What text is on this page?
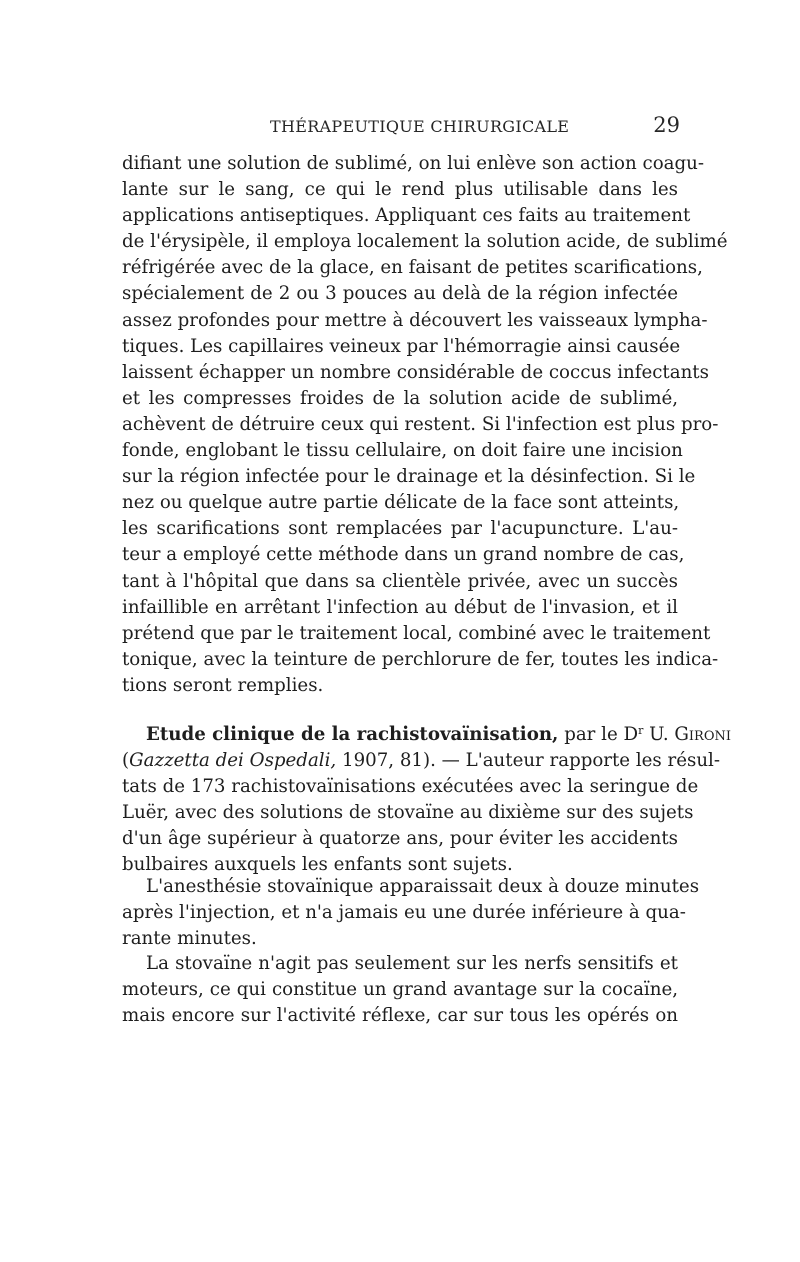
THÉRAPEUTIQUE CHIRURGICALE	29
difiant une solution de sublimé, on lui enlève son action coagu-
lante sur le sang, ce qui le rend plus utilisable dans les
applications antiseptiques. Appliquant ces faits au traitement
de l'érysipèle, il employa localement la solution acide, de sublimé
réfrigérée avec de la glace, en faisant de petites scarifications,
spécialement de 2 ou 3 pouces au delà de la région infectée
assez profondes pour mettre à découvert les vaisseaux lympha-
tiques. Les capillaires veineux par l'hémorragie ainsi causée
laissent échapper un nombre considérable de coccus infectants
et les compresses froides de la solution acide de sublimé,
achèvent de détruire ceux qui restent. Si l'infection est plus pro-
fonde, englobant le tissu cellulaire, on doit faire une incision
sur la région infectée pour le drainage et la désinfection. Si le
nez ou quelque autre partie délicate de la face sont atteints,
les scarifications sont remplacées par l'acupuncture. L'au-
teur a employé cette méthode dans un grand nombre de cas,
tant à l'hôpital que dans sa clientèle privée, avec un succès
infaillible en arrêtant l'infection au début de l'invasion, et il
prétend que par le traitement local, combiné avec le traitement
tonique, avec la teinture de perchlorure de fer, toutes les indica-
tions seront remplies.
Etude clinique de la rachistovaïnisation, par le $D^r$ U. Gironi
(Gazzetta dei Ospedali, 1907, 81). — L'auteur rapporte les résul-
tats de 173 rachistovaïnisations exécutées avec la seringue de
Luër, avec des solutions de stovaïne au dixième sur des sujets
d'un âge supérieur à quatorze ans, pour éviter les accidents
bulbaires auxquels les enfants sont sujets.
L'anesthésie stovaïnique apparaissait deux à douze minutes
après l'injection, et n'a jamais eu une durée inférieure à qua-
rante minutes.
La stovaïne n'agit pas seulement sur les nerfs sensitifs et
moteurs, ce qui constitue un grand avantage sur la cocaïne,
mais encore sur l'activité réflexe, car sur tous les opérés on
